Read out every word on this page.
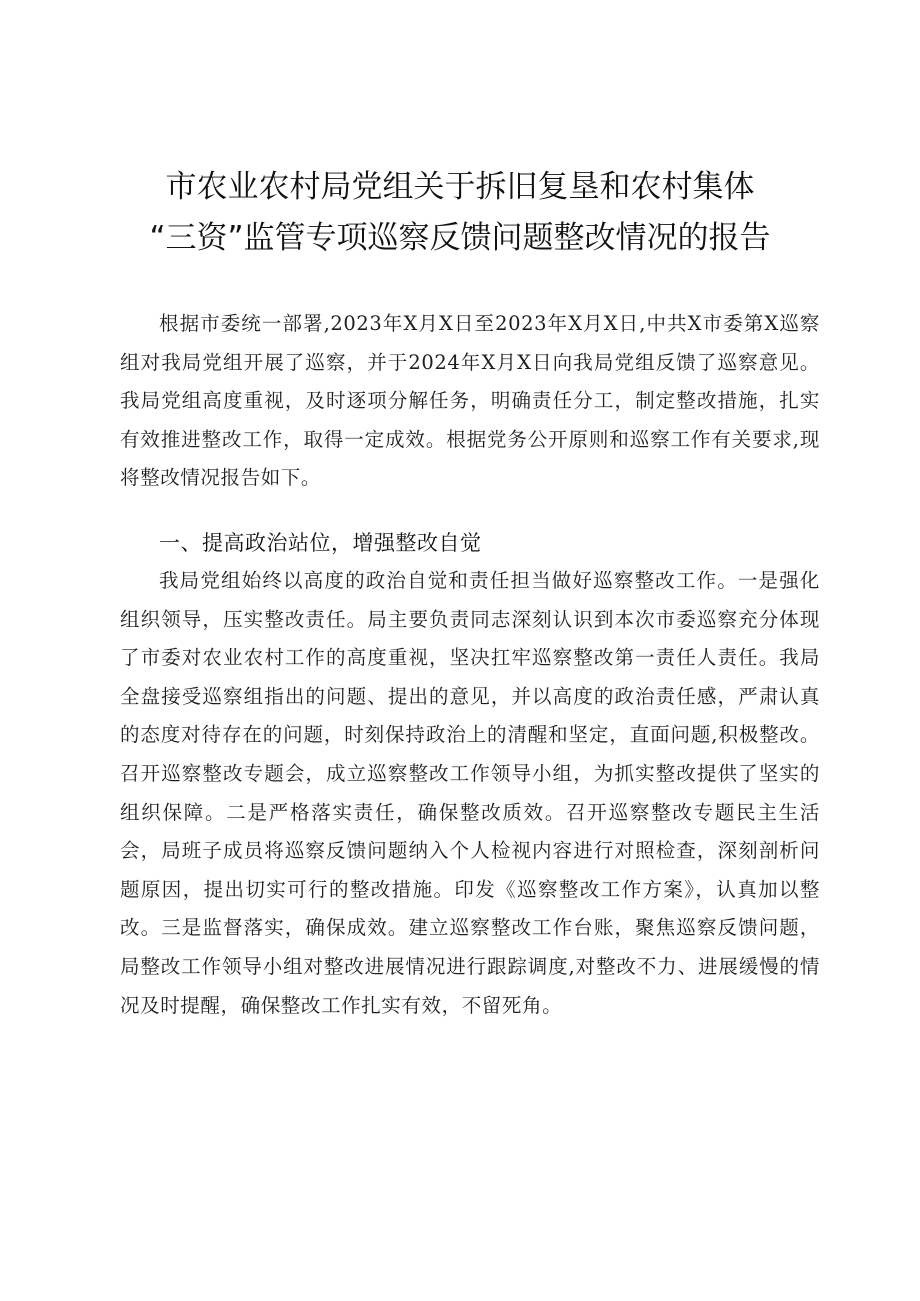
市农业农村局党组关于拆旧复垦和农村集体
“三资”监管专项巡察反馈问题整改情况的报告

根据市委统一部署,2023年X月X日至2023年X月X日,中共X市委第X巡察组对我局党组开展了巡察，并于2024年X月X日向我局党组反馈了巡察意见。我局党组高度重视，及时逐项分解任务，明确责任分工，制定整改措施，扎实有效推进整改工作，取得一定成效。根据党务公开原则和巡察工作有关要求,现将整改情况报告如下。

一、提高政治站位，增强整改自觉

我局党组始终以高度的政治自觉和责任担当做好巡察整改工作。一是强化组织领导，压实整改责任。局主要负责同志深刻认识到本次市委巡察充分体现了市委对农业农村工作的高度重视，坚决扛牢巡察整改第一责任人责任。我局全盘接受巡察组指出的问题、提出的意见，并以高度的政治责任感，严肃认真的态度对待存在的问题，时刻保持政治上的清醒和坚定，直面问题,积极整改。召开巡察整改专题会，成立巡察整改工作领导小组，为抓实整改提供了坚实的组织保障。二是严格落实责任，确保整改质效。召开巡察整改专题民主生活会，局班子成员将巡察反馈问题纳入个人检视内容进行对照检查，深刻剖析问题原因，提出切实可行的整改措施。印发《巡察整改工作方案》，认真加以整改。三是监督落实，确保成效。建立巡察整改工作台账，聚焦巡察反馈问题，局整改工作领导小组对整改进展情况进行跟踪调度,对整改不力、进展缓慢的情况及时提醒，确保整改工作扎实有效，不留死角。
